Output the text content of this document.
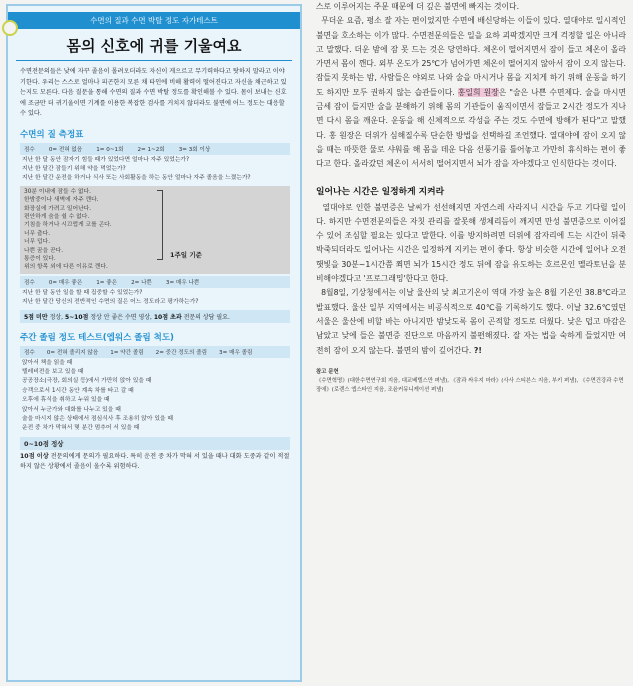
수면의 질과 수면 박탈 정도 자가테스트
몸의 신호에 귀를 기울여요
수면전문의들은 낮에 자꾸 졸음이 몰려오더라도 자신이 게으르고 무기력하다고 탓하지 말라고 이야기한다. 우리는 스스로 얼마나 피곤한지 모른 채 타인에 비해 활력이 떨어진다고 자신을 채근하고 있는지도 모른다. 다음 질문을 통해 수면의 질과 수면 박탈 정도를 확인해볼 수 있다. 몸이 보내는 신호에 조금만 더 귀기울이면 기계를 이용한 복잡한 검사를 거치지 않더라도 불면에 어느 정도는 대응할 수 있다.
수면의 질 측정표
점수	0= 전혀 없음	1= 0~1회	2= 1~2회	3= 3회 이상
지난 한 달 동안 잠자기 힘들 때가 있었다면 얼마나 자주 있었는가?
지난 한 달간 잠들기 위해 약을 먹었는가?
지난 한 달간 운전을 하거나 식사 또는 사회활동을 하는 동안 얼마나 자주 졸음을 느꼈는가?
30분 이내에 잠들 수 없다.
한밤중이나 새벽에 자주 깬다.
화장실에 가려고 일어난다.
편안하게 숨을 쉴 수 없다.
기침을 하거나 시끄럽게 코를 곤다.
너무 춥다.
너무 덥다.
나쁜 꿈을 꾼다.
통증이 있다.
위의 항목 외에 다른 이유로 깬다.
1주일 기준
점수	0= 매우 좋은	1= 좋은	2= 나쁜	3= 매우 나쁜
지난 한 달 동안 일을 할 때 집중할 수 있었는가?
지난 한 달간 당신의 전반적인 수면의 질은 어느 정도라고 평가하는가?
5점 미만 정상, 5~10점 정상 안 좋은 수면 영상, 10점 초과 전문의 상담 필요.
주간 졸림 정도 테스트(엡워스 졸림 척도)
점수 0= 전혀 졸리지 않음 1= 약간 졸림 2= 중간 정도의 졸림 3= 매우 졸림
앉아서 책을 읽을 때
텔레비전을 보고 있을 때
공공장소(극장, 회의실 등)에서 가만히 앉아 있을 때
승객으로서 1시간 동안 계속 차를 타고 갈 때
오후에 휴식을 취하고 누워 있을 때
앉아서 누군가와 대화를 나누고 있을 때
술을 마시지 않은 상태에서 점심식사 후 조용히 앉아 있을 때
운전 중 차가 막혀서 몇 분간 멈추어 서 있을 때
0~10점 정상
10점 이상 전문의에게 문의가 필요하다. 특히 운전 중 차가 막혀 서 있을 때나 대화 도중과 같이 적절하지 않은 상황에서 졸음이 올수록 위험하다.

스로 이루어지는 주문 때문에 더 깊은 불면에 빠지는 것이다.

무더운 요즘, 평소 잘 자는 편이었지만 수면에 배신당하는 이들이 있다. 열대야로 일시적인 불면을 호소하는 이가 많다. 수면전문의들은 일을 요하 괴팍겠지만 크게 걱정할 일은 아니라고 말했다. 더운 밤에 잠 못 드는 것은 당연하다. 체온이 떨어지면서 잠이 들고 체온이 올라가면서 몸이 깬다. 외부 온도가 25℃가 넘어가면 체온이 떨어지지 않아서 잠이 오지 않는다. 잠들지 못하는 밤, 사람들은 야외로 나와 술을 마시거나 몸을 지치게 하기 위해 운동을 하기도 하지만 모두 권하지 않는 습관들이다. 홍일희 원장은 "술은 나쁜 수면제다. 술을 마시면 금세 잠이 들지만 술을 분해하기 위해 몸의 기관들이 움직이면서 잠들고 2시간 정도가 지나면 다시 몸을 깨운다. 운동을 해 신체적으로 각성을 주는 것도 수면에 방해가 된다"고 말했다. 홍 원장은 더위가 심해질수록 단순한 방법을 선택하길 조언했다. 열대야에 잠이 오지 않을 때는 따뜻한 물로 샤워를 해 몸을 데운 다음 선풍기를 틀어놓고 가만히 휴식하는 편이 좋다고 한다. 올라갔던 체온이 서서히 떨어지면서 뇌가 잠을 자야겠다고 인식한다는 것이다.

일어나는 시간은 일정하게 지켜라

열대야로 인한 불면증은 날씨가 선선해지면 자연스레 사라지니 시간을 두고 기다릴 일이다. 하지만 수면전문의들은 자칫 관리를 잘못해 생체리듬이 깨지면 만성 불면증으로 이어질 수 있어 조심할 필요는 있다고 말한다. 이를 방지하려면 더위에 잠자리에 드는 시간이 뒤죽박죽되더라도 일어나는 시간은 일정하게 지키는 편이 좋다. 항상 비슷한 시간에 일어나 오전 햇빛을 30분~1시간쯤 쬐면 뇌가 15시간 정도 뒤에 잠을 유도하는 호르몬인 멜라토닌을 분비해야겠다고 '프로그래밍'한다고 한다.

8월8일, 기상청에서는 이날 울산의 낮 최고기온이 역대 가장 높은 8월 기온인 38.8℃라고 발표했다. 울산 일부 지역에서는 비공식적으로 40℃를 기록하기도 했다. 이날 32.6℃였던 서울은 울산에 비할 바는 아니지만 밤낮도록 몸이 곤적할 정도로 더웠다. 낮은 덥고 마감은 남았고 낮에 들은 불면증 진단으로 마음까지 불편해졌다. 잘 자는 법을 숙하게 들었지만 여전히 잠이 오지 않는다. 불면의 밤이 깊어간다. ?!

참고 문헌
《수면혁명》(대한수면연구회 지음, 대교베텔스만 펴냄), 《잠과 싸우지 마라》(사사 스티븐스 지음, 부키 펴냄), 《수면건강과 수면장애》(로렌스 엡스타인 지음, 조윤커뮤니케이션 펴냄)
